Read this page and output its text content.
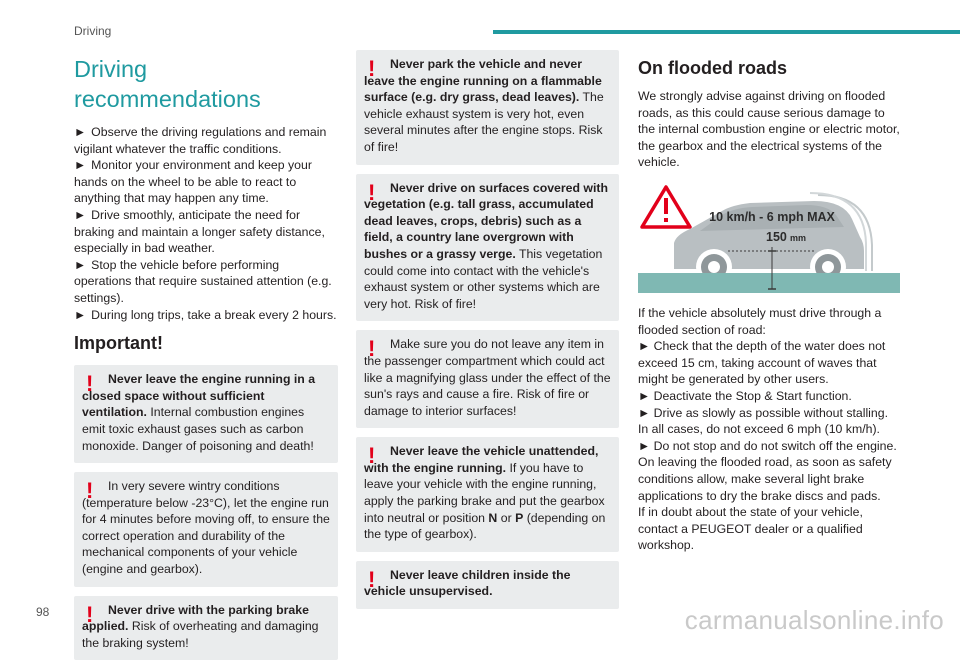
Driving
Driving recommendations

► Observe the driving regulations and remain vigilant whatever the traffic conditions.

► Monitor your environment and keep your hands on the wheel to be able to react to anything that may happen any time.

► Drive smoothly, anticipate the need for braking and maintain a longer safety distance, especially in bad weather.

► Stop the vehicle before performing operations that require sustained attention (e.g. settings).

► During long trips, take a break every 2 hours.

Important!
!	Never leave the engine running in a closed space without sufficient ventilation. Internal combustion engines emit toxic exhaust gases such as carbon monoxide. Danger of poisoning and death!

!	In very severe wintry conditions (temperature below -23°C), let the engine run for 4 minutes before moving off, to ensure the correct operation and durability of the mechanical components of your vehicle (engine and gearbox).

!	Never drive with the parking brake applied. Risk of overheating and damaging the braking system!

!	Never park the vehicle and never leave the engine running on a flammable surface (e.g. dry grass, dead leaves). The vehicle exhaust system is very hot, even several minutes after the engine stops. Risk of fire!

!	Never drive on surfaces covered with vegetation (e.g. tall grass, accumulated dead leaves, crops, debris) such as a field, a country lane overgrown with bushes or a grassy verge. This vegetation could come into contact with the vehicle's exhaust system or other systems which are very hot. Risk of fire!

!	Make sure you do not leave any item in the passenger compartment which could act like a magnifying glass under the effect of the sun's rays and cause a fire. Risk of fire or damage to interior surfaces!

!	Never leave the vehicle unattended, with the engine running. If you have to leave your vehicle with the engine running, apply the parking brake and put the gearbox into neutral or position N or P (depending on the type of gearbox).

!	Never leave children inside the vehicle unsupervised.

On flooded roads

We strongly advise against driving on flooded roads, as this could cause serious damage to the internal combustion engine or electric motor, the gearbox and the electrical systems of the vehicle.

10 km/h - 6 mph MAX
150 mm

If the vehicle absolutely must drive through a flooded section of road:

► Check that the depth of the water does not exceed 15 cm, taking account of waves that might be generated by other users.

► Deactivate the Stop & Start function.

► Drive as slowly as possible without stalling. In all cases, do not exceed 6 mph (10 km/h).

► Do not stop and do not switch off the engine.

On leaving the flooded road, as soon as safety conditions allow, make several light brake applications to dry the brake discs and pads.

If in doubt about the state of your vehicle, contact a PEUGEOT dealer or a qualified workshop.

98	carmanualsonline.info
